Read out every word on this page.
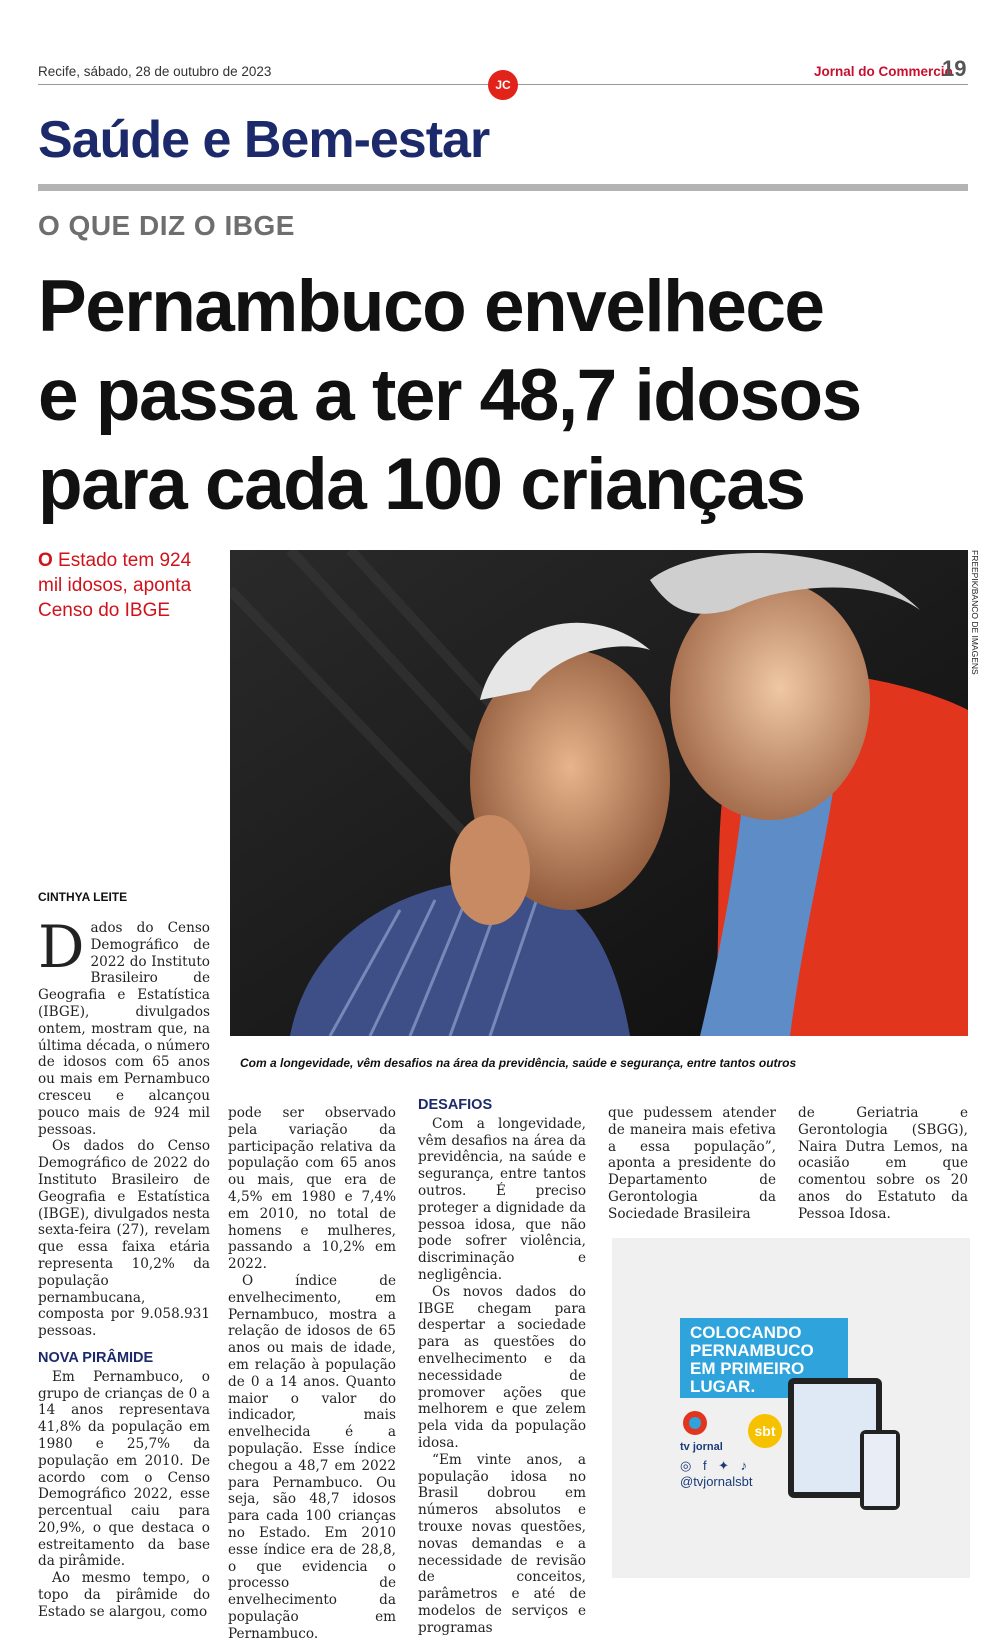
Recife, sábado, 28 de outubro de 2023
JC
Jornal do Commercio
19
Saúde e Bem-estar
O QUE DIZ O IBGE
Pernambuco envelhece
e passa a ter 48,7 idosos
para cada 100 crianças
O Estado tem 924 mil idosos, aponta Censo do IBGE	FREEPIK/BANCO DE IMAGENS
Com a longevidade, vêm desafios na área da previdência, saúde e segurança, entre tantos outros
CINTHYA LEITE

Dados do Censo Demográfico de 2022 do Instituto Brasileiro de Geografia e Estatística (IBGE), divulgados ontem, mostram que, na última década, o número de idosos com 65 anos ou mais em Pernambuco cresceu e alcançou pouco mais de 924 mil pessoas.

Os dados do Censo Demográfico de 2022 do Instituto Brasileiro de Geografia e Estatística (IBGE), divulgados nesta sexta-feira (27), revelam que essa faixa etária representa 10,2% da população pernambucana, composta por 9.058.931 pessoas.

NOVA PIRÂMIDE

Em Pernambuco, o grupo de crianças de 0 a 14 anos representava 41,8% da população em 1980 e 25,7% da população em 2010. De acordo com o Censo Demográfico 2022, esse percentual caiu para 20,9%, o que destaca o estreitamento da base da pirâmide.

Ao mesmo tempo, o topo da pirâmide do Estado se alargou, como

pode ser observado pela variação da participação relativa da população com 65 anos ou mais, que era de 4,5% em 1980 e 7,4% em 2010, no total de homens e mulheres, passando a 10,2% em 2022.

O índice de envelhecimento, em Pernambuco, mostra a relação de idosos de 65 anos ou mais de idade, em relação à população de 0 a 14 anos. Quanto maior o valor do indicador, mais envelhecida é a população. Esse índice chegou a 48,7 em 2022 para Pernambuco. Ou seja, são 48,7 idosos para cada 100 crianças no Estado. Em 2010 esse índice era de 28,8, o que evidencia o processo de envelhecimento da população em Pernambuco.

DESAFIOS

Com a longevidade, vêm desafios na área da previdência, na saúde e segurança, entre tantos outros. É preciso proteger a dignidade da pessoa idosa, que não pode sofrer violência, discriminação e negligência.

Os novos dados do IBGE chegam para despertar a sociedade para as questões do envelhecimento e da necessidade de promover ações que melhorem e que zelem pela vida da população idosa.

“Em vinte anos, a população idosa no Brasil dobrou em números absolutos e trouxe novas questões, novas demandas e a necessidade de revisão de conceitos, parâmetros e até de modelos de serviços e programas

que pudessem atender de maneira mais efetiva a essa população”, aponta a presidente do Departamento de Gerontologia da Sociedade Brasileira

de Geriatria e Gerontologia (SBGG), Naira Dutra Lemos, na ocasião em que comentou sobre os 20 anos do Estatuto da Pessoa Idosa.

COLOCANDO PERNAMBUCO EM PRIMEIRO LUGAR.
tv jornal
sbt
◎ f ✦ ♪
@tvjornalsbt
